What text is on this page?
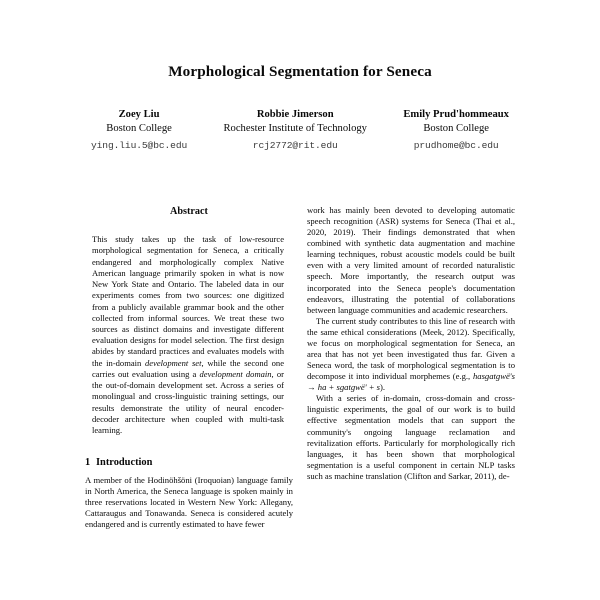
Morphological Segmentation for Seneca
Zoey Liu
Boston College
ying.liu.5@bc.edu
Robbie Jimerson
Rochester Institute of Technology
rcj2772@rit.edu
Emily Prud'hommeaux
Boston College
prudhome@bc.edu
Abstract
This study takes up the task of low-resource morphological segmentation for Seneca, a critically endangered and morphologically complex Native American language primarily spoken in what is now New York State and Ontario. The labeled data in our experiments comes from two sources: one digitized from a publicly available grammar book and the other collected from informal sources. We treat these two sources as distinct domains and investigate different evaluation designs for model selection. The first design abides by standard practices and evaluates models with the in-domain development set, while the second one carries out evaluation using a development domain, or the out-of-domain development set. Across a series of monolingual and cross-linguistic training settings, our results demonstrate the utility of neural encoder-decoder architecture when coupled with multi-task learning.
1 Introduction

A member of the Hodinöhšöni (Iroquoian) language family in North America, the Seneca language is spoken mainly in three reservations located in Western New York: Allegany, Cattaraugus and Tonawanda. Seneca is considered acutely endangered and is currently estimated to have fewer

work has mainly been devoted to developing automatic speech recognition (ASR) systems for Seneca (Thai et al., 2020, 2019). Their findings demonstrated that when combined with synthetic data augmentation and machine learning techniques, robust acoustic models could be built even with a very limited amount of recorded naturalistic speech. More importantly, the research output was incorporated into the Seneca people's documentation endeavors, illustrating the potential of collaborations between language communities and academic researchers.

The current study contributes to this line of research with the same ethical considerations (Meek, 2012). Specifically, we focus on morphological segmentation for Seneca, an area that has not yet been investigated thus far. Given a Seneca word, the task of morphological segmentation is to decompose it into individual morphemes (e.g., hasgatgwë's → ha + sgatgwë' + s).

With a series of in-domain, cross-domain and cross-linguistic experiments, the goal of our work is to build effective segmentation models that can support the community's ongoing language reclamation and revitalization efforts. Particularly for morphologically rich languages, it has been shown that morphological segmentation is a useful component in certain NLP tasks such as machine translation (Clifton and Sarkar, 2011), de-
